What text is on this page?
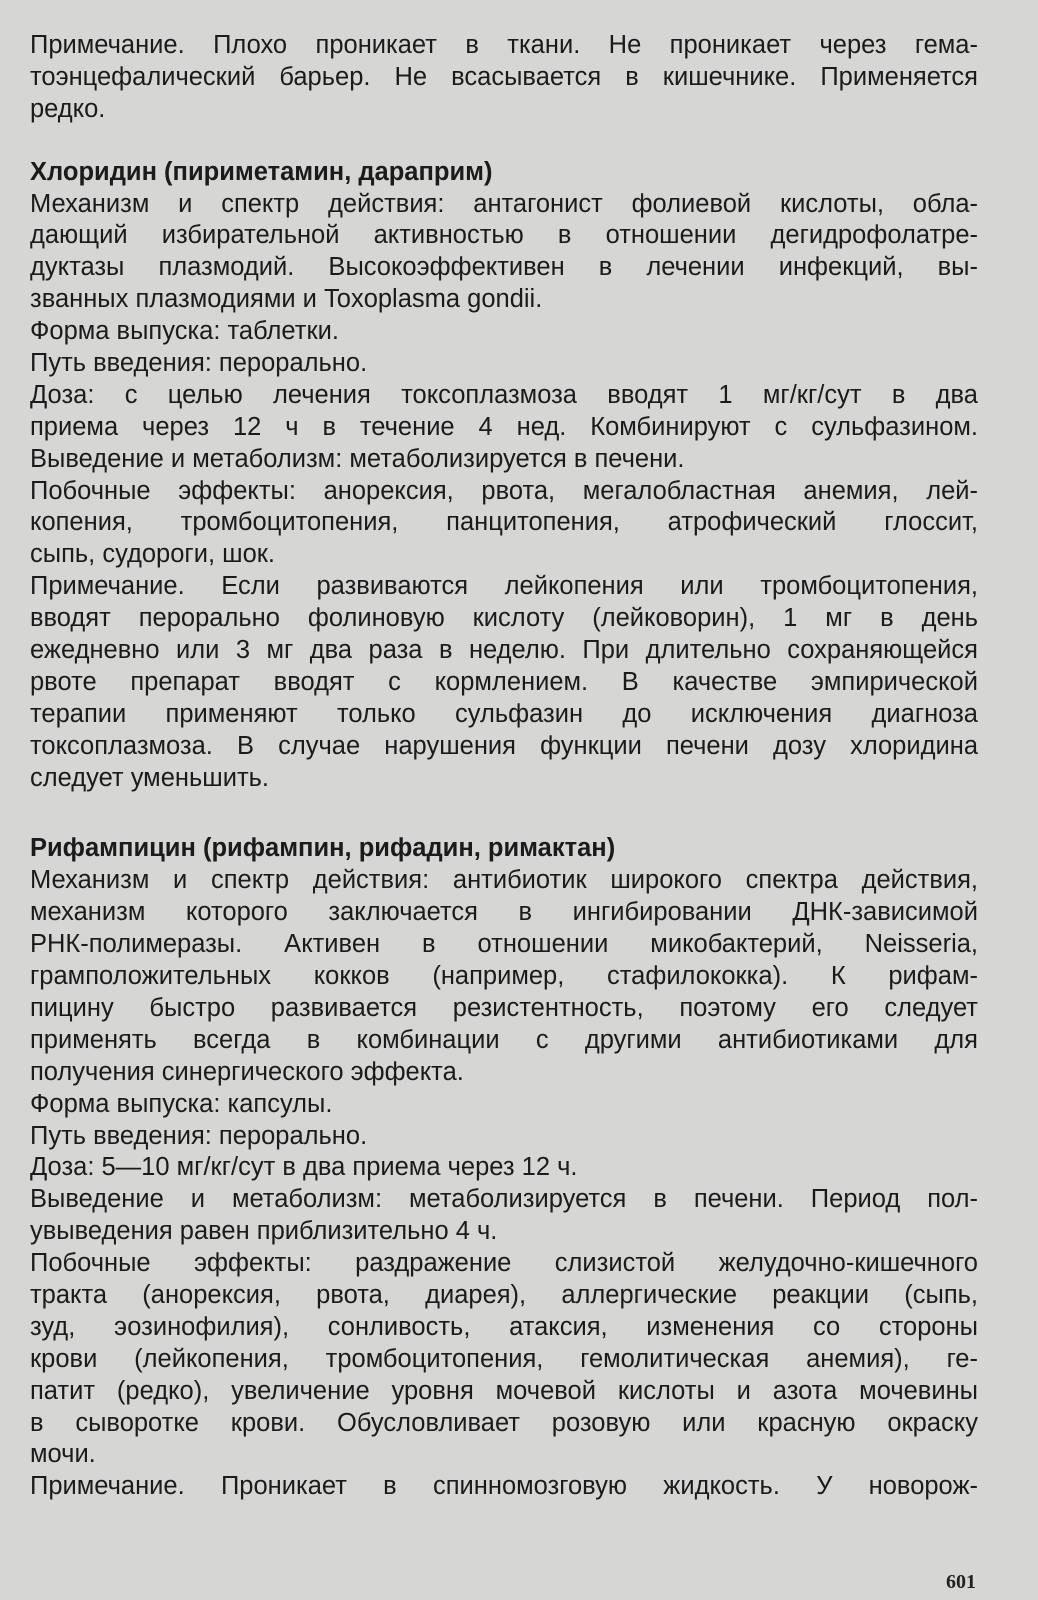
Примечание. Плохо проникает в ткани. Не проникает через гема-
тоэнцефалический барьер. Не всасывается в кишечнике. Применяется
редко.
Хлоридин (пириметамин, дараприм)
Механизм и спектр действия: антагонист фолиевой кислоты, обла-
дающий избирательной активностью в отношении дегидрофолатре-
дуктазы плазмодий. Высокоэффективен в лечении инфекций, вы-
званных плазмодиями и Toxoplasma gondii.
Форма выпуска: таблетки.
Путь введения: перорально.
Доза: с целью лечения токсоплазмоза вводят 1 мг/кг/сут в два
приема через 12 ч в течение 4 нед. Комбинируют с сульфазином.
Выведение и метаболизм: метаболизируется в печени.
Побочные эффекты: анорексия, рвота, мегалобластная анемия, лей-
копения, тромбоцитопения, панцитопения, атрофический глоссит,
сыпь, судороги, шок.
Примечание. Если развиваются лейкопения или тромбоцитопения,
вводят перорально фолиновую кислоту (лейковорин), 1 мг в день
ежедневно или 3 мг два раза в неделю. При длительно сохраняющейся
рвоте препарат вводят с кормлением. В качестве эмпирической
терапии применяют только сульфазин до исключения диагноза
токсоплазмоза. В случае нарушения функции печени дозу хлоридина
следует уменьшить.
Рифампицин (рифампин, рифадин, римактан)
Механизм и спектр действия: антибиотик широкого спектра действия,
механизм которого заключается в ингибировании ДНК-зависимой
РНК-полимеразы. Активен в отношении микобактерий, Neisseria,
грамположительных кокков (например, стафилококка). К рифам-
пицину быстро развивается резистентность, поэтому его следует
применять всегда в комбинации с другими антибиотиками для
получения синергического эффекта.
Форма выпуска: капсулы.
Путь введения: перорально.
Доза: 5—10 мг/кг/сут в два приема через 12 ч.
Выведение и метаболизм: метаболизируется в печени. Период пол-
увыведения равен приблизительно 4 ч.
Побочные эффекты: раздражение слизистой желудочно-кишечного
тракта (анорексия, рвота, диарея), аллергические реакции (сыпь,
зуд, эозинофилия), сонливость, атаксия, изменения со стороны
крови (лейкопения, тромбоцитопения, гемолитическая анемия), ге-
патит (редко), увеличение уровня мочевой кислоты и азота мочевины
в сыворотке крови. Обусловливает розовую или красную окраску
мочи.
Примечание. Проникает в спинномозговую жидкость. У новорож-
601
